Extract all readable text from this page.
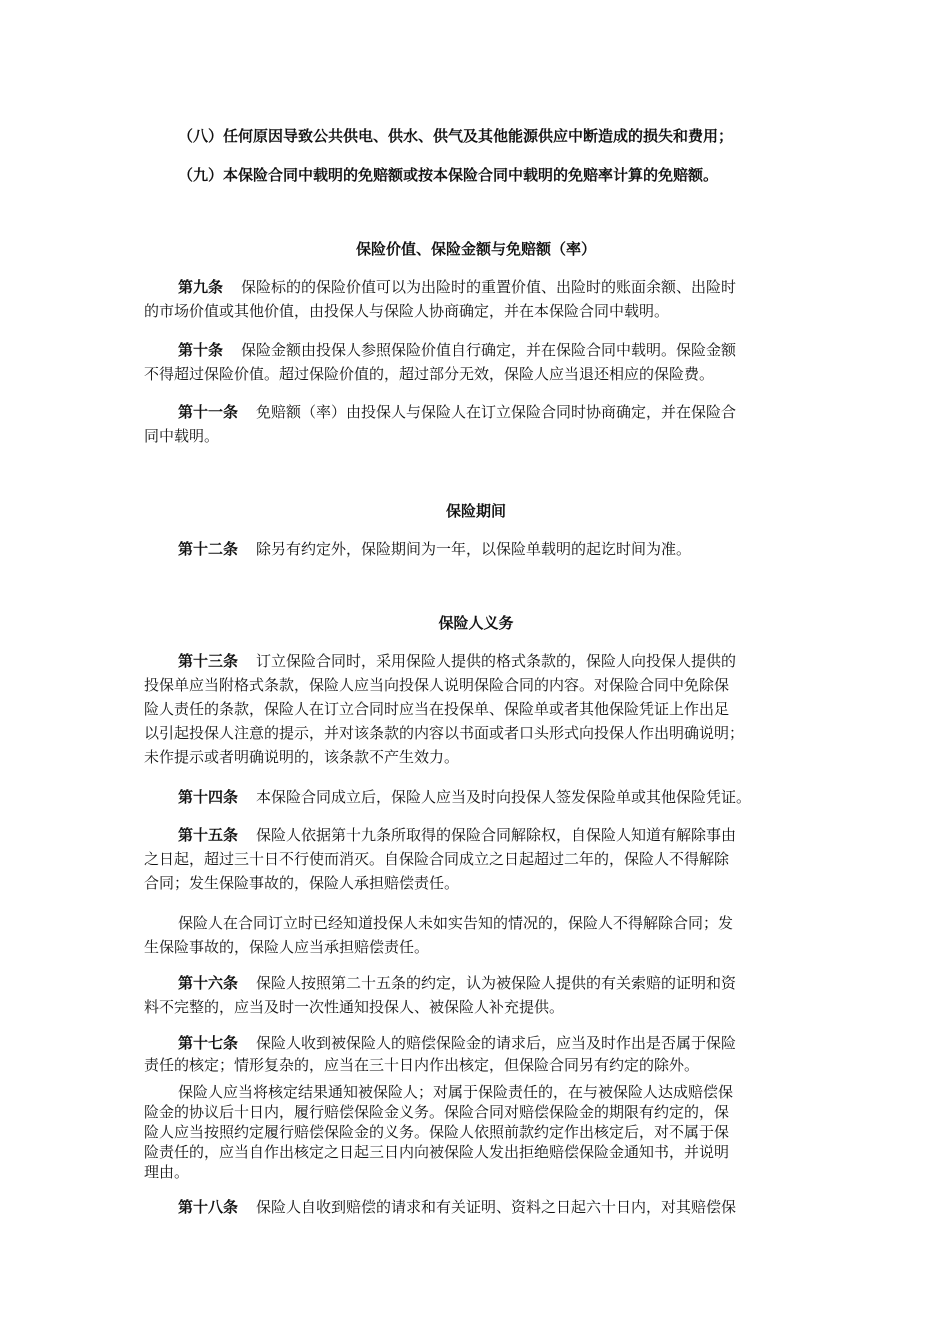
（八）任何原因导致公共供电、供水、供气及其他能源供应中断造成的损失和费用；
（九）本保险合同中载明的免赔额或按本保险合同中载明的免赔率计算的免赔额。
保险价值、保险金额与免赔额（率）
第九条 保险标的的保险价值可以为出险时的重置价值、出险时的账面余额、出险时
的市场价值或其他价值，由投保人与保险人协商确定，并在本保险合同中载明。
第十条 保险金额由投保人参照保险价值自行确定，并在保险合同中载明。保险金额
不得超过保险价值。超过保险价值的，超过部分无效，保险人应当退还相应的保险费。
第十一条 免赔额（率）由投保人与保险人在订立保险合同时协商确定，并在保险合
同中载明。
保险期间
第十二条 除另有约定外，保险期间为一年，以保险单载明的起讫时间为准。
保险人义务
第十三条 订立保险合同时，采用保险人提供的格式条款的，保险人向投保人提供的
投保单应当附格式条款，保险人应当向投保人说明保险合同的内容。对保险合同中免除保
险人责任的条款，保险人在订立合同时应当在投保单、保险单或者其他保险凭证上作出足
以引起投保人注意的提示，并对该条款的内容以书面或者口头形式向投保人作出明确说明；
未作提示或者明确说明的，该条款不产生效力。
第十四条 本保险合同成立后，保险人应当及时向投保人签发保险单或其他保险凭证。
第十五条 保险人依据第十九条所取得的保险合同解除权，自保险人知道有解除事由
之日起，超过三十日不行使而消灭。自保险合同成立之日起超过二年的，保险人不得解除
合同；发生保险事故的，保险人承担赔偿责任。
保险人在合同订立时已经知道投保人未如实告知的情况的，保险人不得解除合同；发
生保险事故的，保险人应当承担赔偿责任。
第十六条 保险人按照第二十五条的约定，认为被保险人提供的有关索赔的证明和资
料不完整的，应当及时一次性通知投保人、被保险人补充提供。
第十七条 保险人收到被保险人的赔偿保险金的请求后，应当及时作出是否属于保险
责任的核定；情形复杂的，应当在三十日内作出核定，但保险合同另有约定的除外。
保险人应当将核定结果通知被保险人；对属于保险责任的，在与被保险人达成赔偿保
险金的协议后十日内，履行赔偿保险金义务。保险合同对赔偿保险金的期限有约定的，保
险人应当按照约定履行赔偿保险金的义务。保险人依照前款约定作出核定后，对不属于保
险责任的，应当自作出核定之日起三日内向被保险人发出拒绝赔偿保险金通知书，并说明
理由。
第十八条 保险人自收到赔偿的请求和有关证明、资料之日起六十日内，对其赔偿保
